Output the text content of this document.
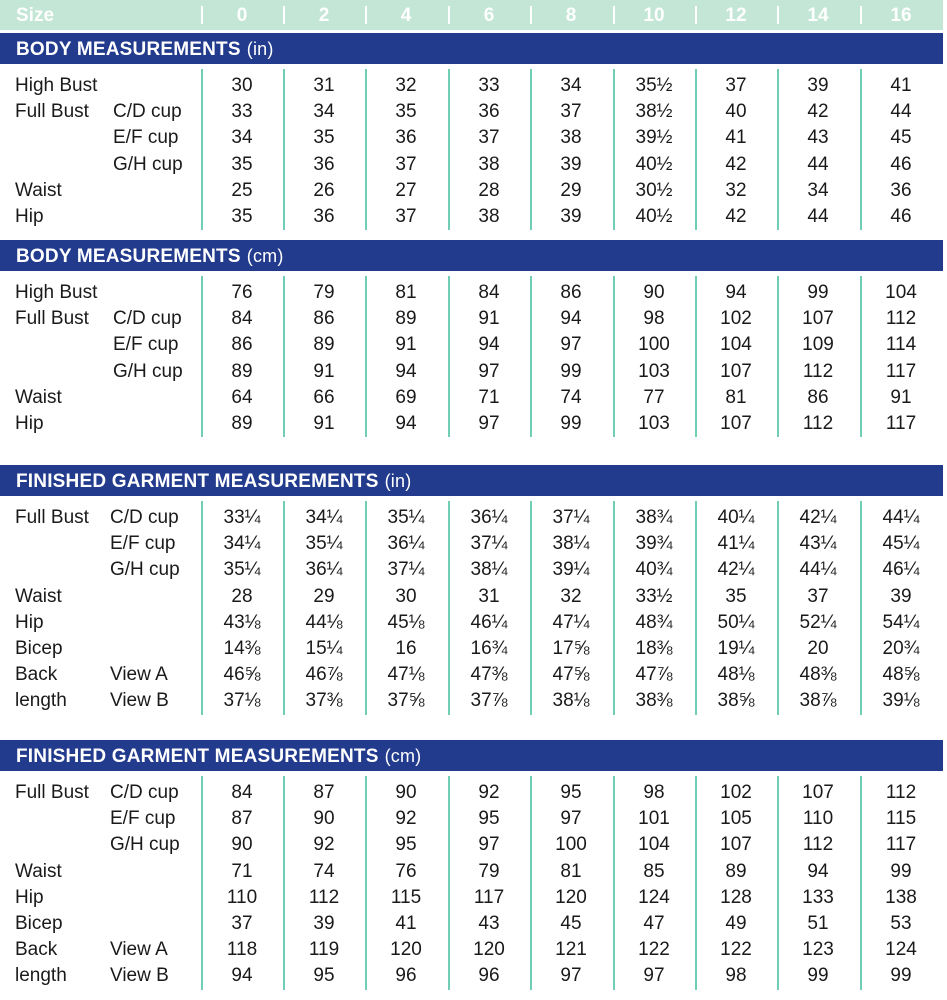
Size	0	2	4	6	8	10	12	14	16
BODY MEASUREMENTS (in)
High Bust	30	31	32	33	34	35½	37	39	41
Full Bust C/D cup	33	34	35	36	37	38½	40	42	44
E/F cup	34	35	36	37	38	39½	41	43	45
G/H cup	35	36	37	38	39	40½	42	44	46
Waist	25	26	27	28	29	30½	32	34	36
Hip	35	36	37	38	39	40½	42	44	46
BODY MEASUREMENTS (cm)
High Bust	76	79	81	84	86	90	94	99	104
Full Bust C/D cup	84	86	89	91	94	98	102	107	112
E/F cup	86	89	91	94	97	100	104	109	114
G/H cup	89	91	94	97	99	103	107	112	117
Waist	64	66	69	71	74	77	81	86	91
Hip	89	91	94	97	99	103	107	112	117
FINISHED GARMENT MEASUREMENTS (in)
Full Bust C/D cup	33¼	34¼	35¼	36¼	37¼	38¾	40¼	42¼	44¼
E/F cup	34¼	35¼	36¼	37¼	38¼	39¾	41¼	43¼	45¼
G/H cup	35¼	36¼	37¼	38¼	39¼	40¾	42¼	44¼	46¼
Waist	28	29	30	31	32	33½	35	37	39
Hip	43⅛	44⅛	45⅛	46¼	47¼	48¾	50¼	52¼	54¼
Bicep	14⅜	15¼	16	16¾	17⅝	18⅜	19¼	20	20¾
Back	View A	46⅝	46⅞	47⅛	47⅜	47⅝	47⅞	48⅛	48⅜	48⅝
length View B	37⅛	37⅜	37⅝	37⅞	38⅛	38⅜	38⅝	38⅞	39⅛
FINISHED GARMENT MEASUREMENTS (cm)
Full Bust C/D cup	84	87	90	92	95	98	102	107	112
E/F cup	87	90	92	95	97	101	105	110	115
G/H cup	90	92	95	97	100	104	107	112	117
Waist	71	74	76	79	81	85	89	94	99
Hip	110	112	115	117	120	124	128	133	138
Bicep	37	39	41	43	45	47	49	51	53
Back	View A	118	119	120	120	121	122	122	123	124
length View B	94	95	96	96	97	97	98	99	99
